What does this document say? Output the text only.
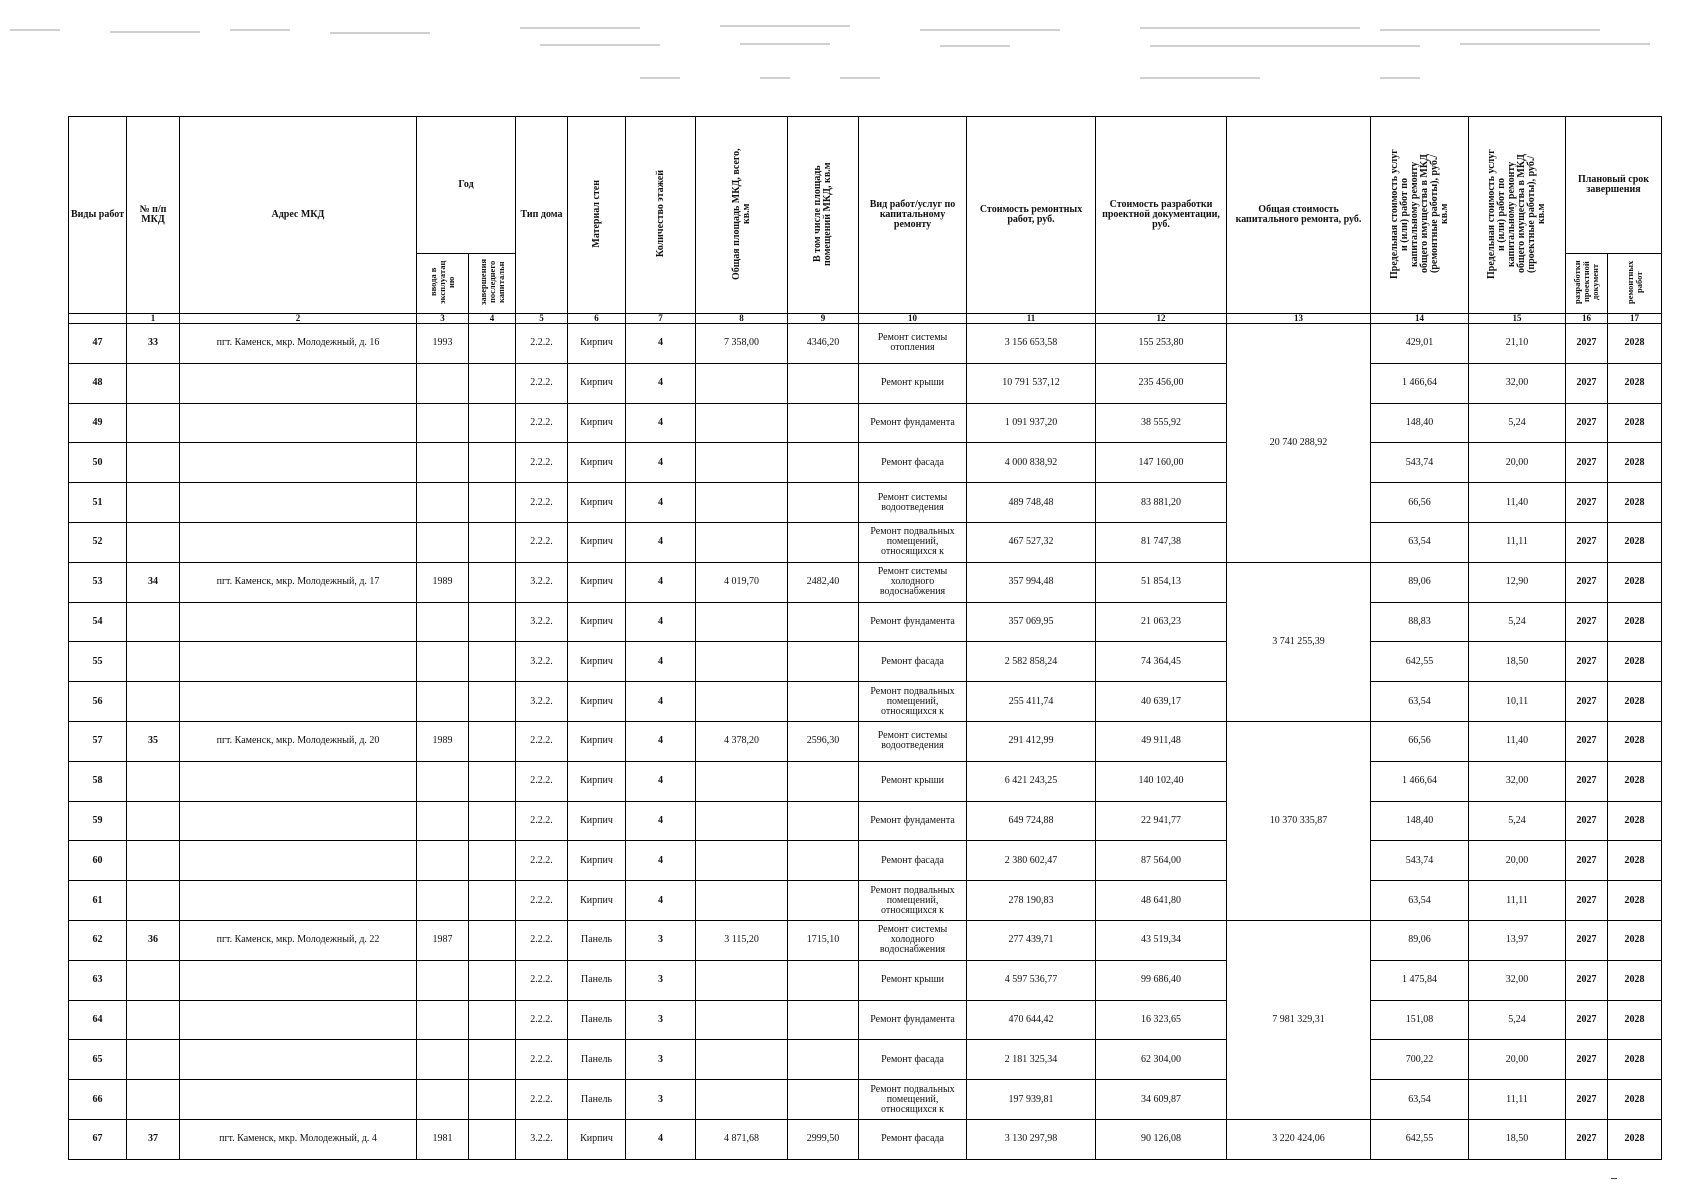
Виды работ	№ п/п МКД	Адрес МКД	Год		Тип дома	Материал стен	Количество этажей	Общая площадь МКД, всего, кв.м	В том числе площадь помещений МКД, кв.м	Вид работ/услуг по капитальному ремонту	Стоимость ремонтных работ, руб.	Стоимость разработки проектной документации, руб.	Общая стоимость капитального ремонта, руб.	Предельная стоимость услуг и (или) работ по капитальному ремонту общего имущества в МКД (ремонтные работы), руб./кв.м	Предельная стоимость услуг и (или) работ по капитальному ремонту общего имущества в МКД (проектные работы), руб./кв.м	Плановый срок завершения	
			ввода в эксплуатац ию	завершения последнего капитальн												разработки проектной документ	ремонтных работ
	1	2	3	4	5	6	7	8	9	10	11	12	13	14	15	16	17
47	33	пгт. Каменск, мкр. Молодежный, д. 16	1993		2.2.2.	Кирпич	4	7 358,00	4346,20	Ремонт системы отопления	3 156 653,58	155 253,80	20 740 288,92	429,01	21,10	2027	2028
48					2.2.2.	Кирпич	4			Ремонт крыши	10 791 537,12	235 456,00		1 466,64	32,00	2027	2028
49					2.2.2.	Кирпич	4			Ремонт фундамента	1 091 937,20	38 555,92		148,40	5,24	2027	2028
50					2.2.2.	Кирпич	4			Ремонт фасада	4 000 838,92	147 160,00		543,74	20,00	2027	2028
51					2.2.2.	Кирпич	4			Ремонт системы водоотведения	489 748,48	83 881,20		66,56	11,40	2027	2028
52					2.2.2.	Кирпич	4			Ремонт подвальных помещений, относящихся к	467 527,32	81 747,38		63,54	11,11	2027	2028
53	34	пгт. Каменск, мкр. Молодежный, д. 17	1989		3.2.2.	Кирпич	4	4 019,70	2482,40	Ремонт системы холодного водоснабжения	357 994,48	51 854,13	3 741 255,39	89,06	12,90	2027	2028
54					3.2.2.	Кирпич	4			Ремонт фундамента	357 069,95	21 063,23		88,83	5,24	2027	2028
55					3.2.2.	Кирпич	4			Ремонт фасада	2 582 858,24	74 364,45		642,55	18,50	2027	2028
56					3.2.2.	Кирпич	4			Ремонт подвальных помещений, относящихся к	255 411,74	40 639,17		63,54	10,11	2027	2028
57	35	пгт. Каменск, мкр. Молодежный, д. 20	1989		2.2.2.	Кирпич	4	4 378,20	2596,30	Ремонт системы водоотведения	291 412,99	49 911,48	10 370 335,87	66,56	11,40	2027	2028
58					2.2.2.	Кирпич	4			Ремонт крыши	6 421 243,25	140 102,40		1 466,64	32,00	2027	2028
59					2.2.2.	Кирпич	4			Ремонт фундамента	649 724,88	22 941,77		148,40	5,24	2027	2028
60					2.2.2.	Кирпич	4			Ремонт фасада	2 380 602,47	87 564,00		543,74	20,00	2027	2028
61					2.2.2.	Кирпич	4			Ремонт подвальных помещений, относящихся к	278 190,83	48 641,80		63,54	11,11	2027	2028
62	36	пгт. Каменск, мкр. Молодежный, д. 22	1987		2.2.2.	Панель	3	3 115,20	1715,10	Ремонт системы холодного водоснабжения	277 439,71	43 519,34	7 981 329,31	89,06	13,97	2027	2028
63					2.2.2.	Панель	3			Ремонт крыши	4 597 536,77	99 686,40		1 475,84	32,00	2027	2028
64					2.2.2.	Панель	3			Ремонт фундамента	470 644,42	16 323,65		151,08	5,24	2027	2028
65					2.2.2.	Панель	3			Ремонт фасада	2 181 325,34	62 304,00		700,22	20,00	2027	2028
66					2.2.2.	Панель	3			Ремонт подвальных помещений, относящихся к	197 939,81	34 609,87		63,54	11,11	2027	2028
67	37	пгт. Каменск, мкр. Молодежный, д. 4	1981		3.2.2.	Кирпич	4	4 871,68	2999,50	Ремонт фасада	3 130 297,98	90 126,08	3 220 424,06	642,55	18,50	2027	2028
